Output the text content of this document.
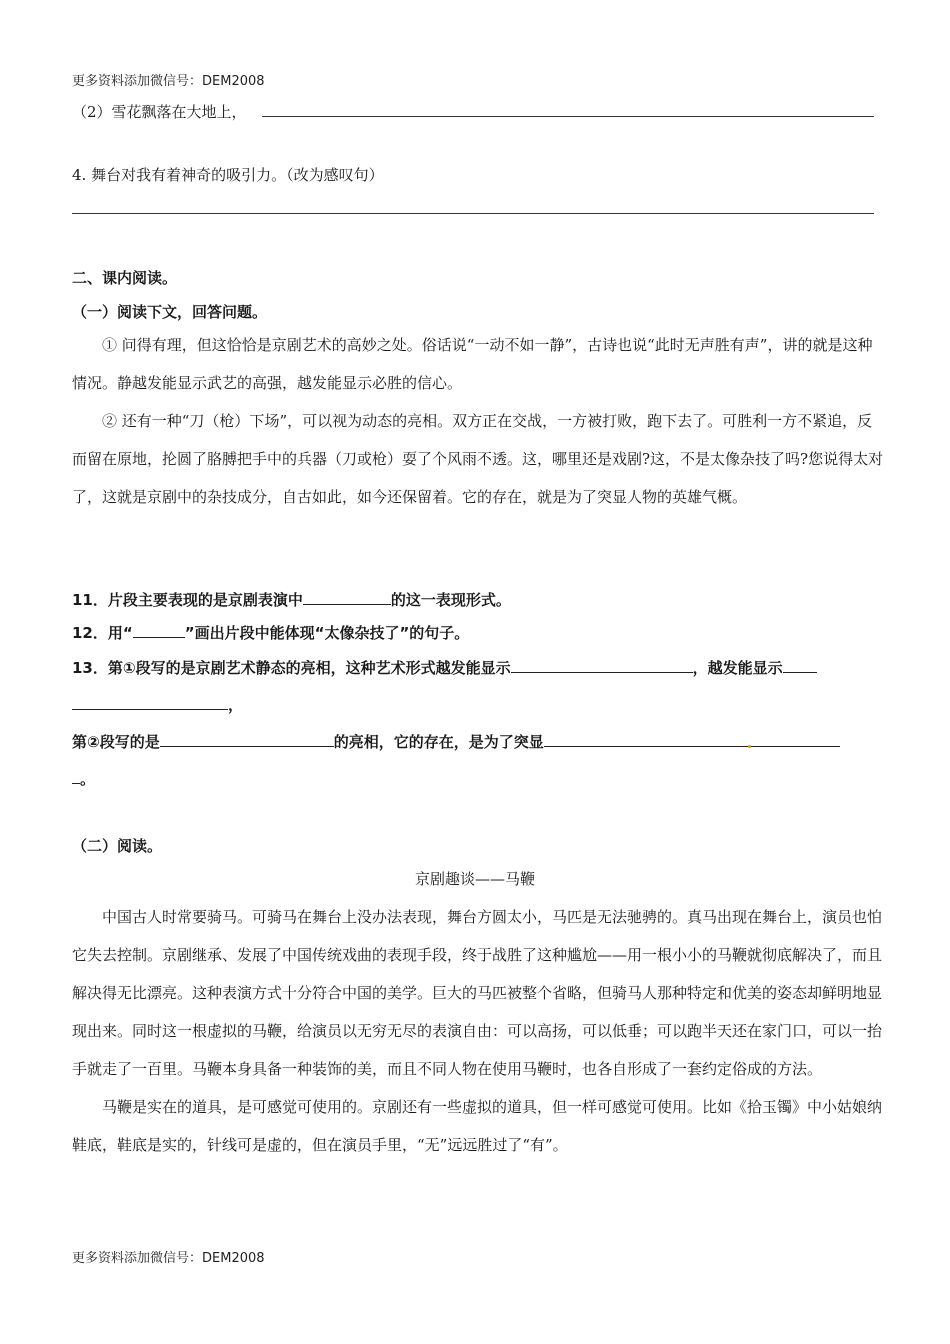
更多资料添加微信号：DEM2008
（2）雪花飘落在大地上，
4. 舞台对我有着神奇的吸引力。（改为感叹句）
二、课内阅读。
（一）阅读下文，回答问题。

① 问得有理，但这恰恰是京剧艺术的高妙之处。俗话说“一动不如一静”，古诗也说“此时无声胜有声”，讲的就是这种情况。静越发能显示武艺的高强，越发能显示必胜的信心。

② 还有一种“刀（枪）下场”，可以视为动态的亮相。双方正在交战，一方被打败，跑下去了。可胜利一方不紧追，反而留在原地，抡圆了胳膊把手中的兵器（刀或枪）耍了个风雨不透。这，哪里还是戏剧?这，不是太像杂技了吗?您说得太对了，这就是京剧中的杂技成分，自古如此，如今还保留着。它的存在，就是为了突显人物的英雄气概。

11．片段主要表现的是京剧表演中	的这一表现形式。
12．用“	”画出片段中能体现“太像杂技了”的句子。
13．第①段写的是京剧艺术静态的亮相，这种艺术形式越发能显示	，越发能显示
，
第②段写的是	的亮相，它的存在，是为了突显
。
（二）阅读。
京剧趣谈——马鞭

中国古人时常要骑马。可骑马在舞台上没办法表现，舞台方圆太小，马匹是无法驰骋的。真马出现在舞台上，演员也怕它失去控制。京剧继承、发展了中国传统戏曲的表现手段，终于战胜了这种尴尬——用一根小小的马鞭就彻底解决了，而且解决得无比漂亮。这种表演方式十分符合中国的美学。巨大的马匹被整个省略，但骑马人那种特定和优美的姿态却鲜明地显现出来。同时这一根虚拟的马鞭，给演员以无穷无尽的表演自由：可以高扬，可以低垂；可以跑半天还在家门口，可以一抬手就走了一百里。马鞭本身具备一种装饰的美，而且不同人物在使用马鞭时，也各自形成了一套约定俗成的方法。

马鞭是实在的道具，是可感觉可使用的。京剧还有一些虚拟的道具，但一样可感觉可使用。比如《拾玉镯》中小姑娘纳鞋底，鞋底是实的，针线可是虚的，但在演员手里，“无”远远胜过了“有”。

更多资料添加微信号：DEM2008
